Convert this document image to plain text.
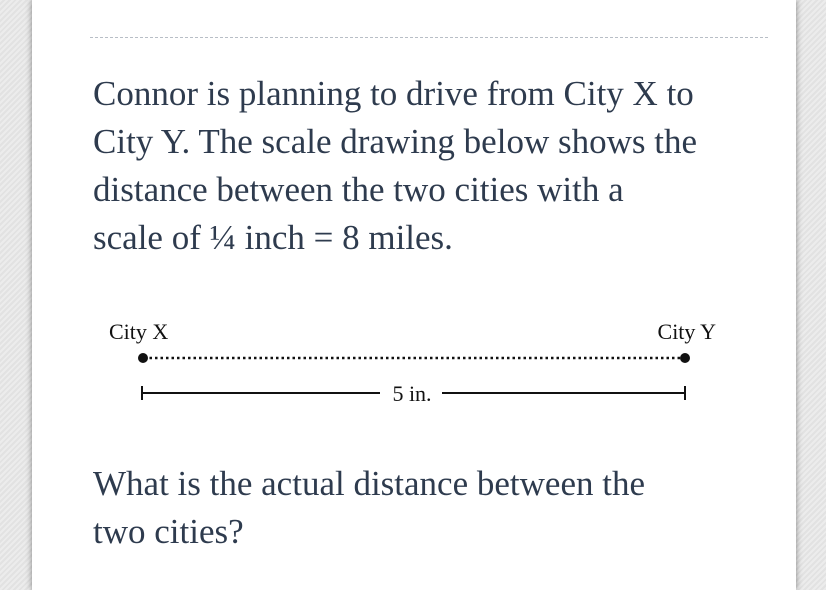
Connor is planning to drive from City X to
City Y. The scale drawing below shows the
distance between the two cities with a
scale of ¼ inch = 8 miles.

City X	City Y
5 in.

What is the actual distance between the
two cities?
